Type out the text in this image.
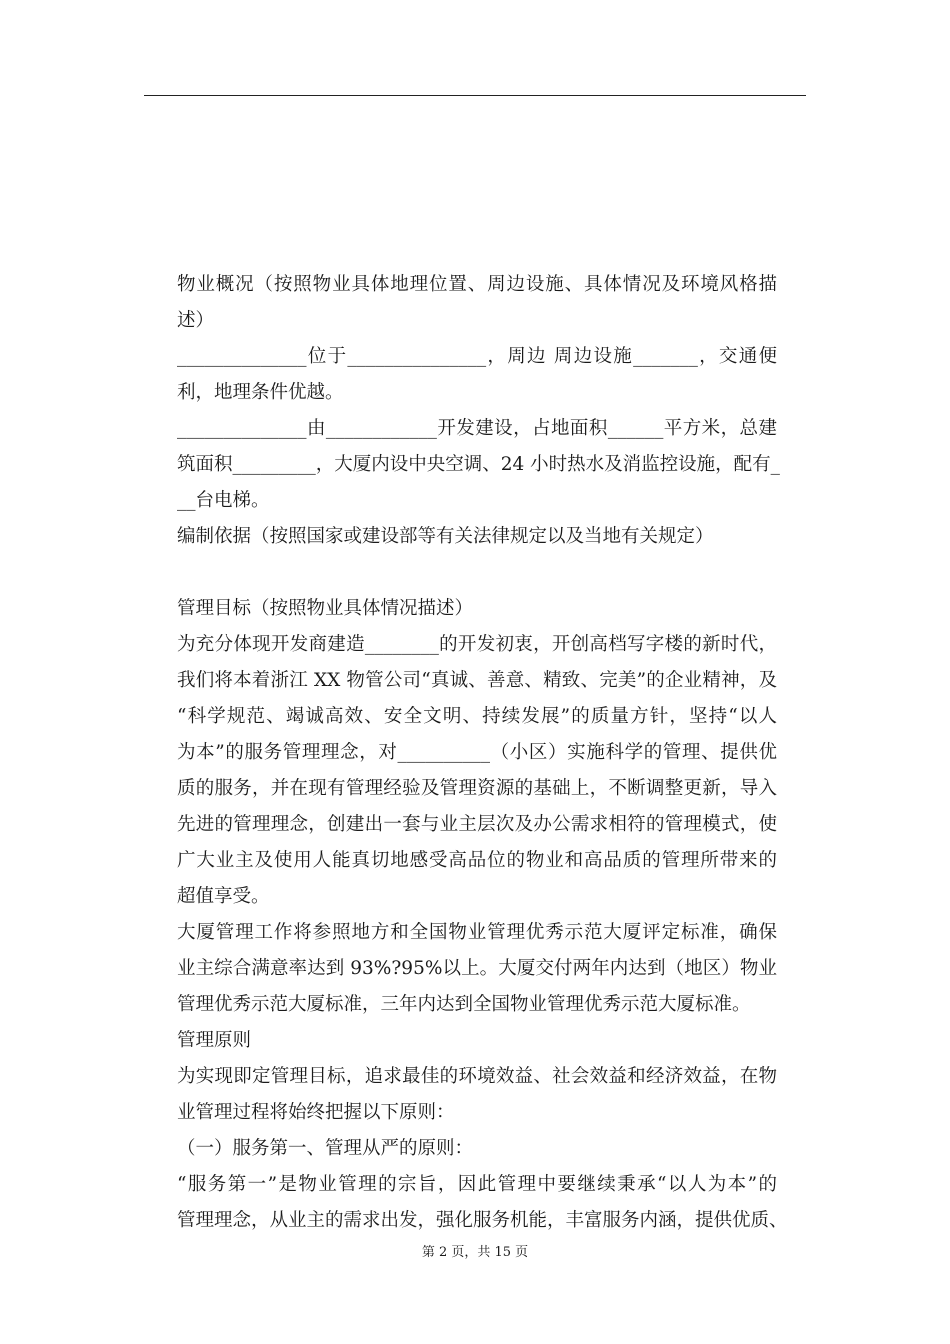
物业概况（按照物业具体地理位置、周边设施、具体情况及环境风格描
述）
______________位于_______________，周边 周边设施_______，交通便
利，地理条件优越。
______________由____________开发建设，占地面积______平方米，总建
筑面积_________，大厦内设中央空调、24 小时热水及消监控设施，配有_
__台电梯。
编制依据（按照国家或建设部等有关法律规定以及当地有关规定）
管理目标（按照物业具体情况描述）
为充分体现开发商建造________的开发初衷，开创高档写字楼的新时代，
我们将本着浙江 XX 物管公司“真诚、善意、精致、完美”的企业精神，及
“科学规范、竭诚高效、安全文明、持续发展”的质量方针，坚持“以人
为本”的服务管理理念，对__________（小区）实施科学的管理、提供优
质的服务，并在现有管理经验及管理资源的基础上，不断调整更新，导入
先进的管理理念，创建出一套与业主层次及办公需求相符的管理模式，使
广大业主及使用人能真切地感受高品位的物业和高品质的管理所带来的
超值享受。
大厦管理工作将参照地方和全国物业管理优秀示范大厦评定标准，确保
业主综合满意率达到 93%?95%以上。大厦交付两年内达到（地区）物业
管理优秀示范大厦标准，三年内达到全国物业管理优秀示范大厦标准。
管理原则
为实现即定管理目标，追求最佳的环境效益、社会效益和经济效益，在物
业管理过程将始终把握以下原则：
（一）服务第一、管理从严的原则：
“服务第一”是物业管理的宗旨，因此管理中要继续秉承“以人为本”的
管理理念，从业主的需求出发，强化服务机能，丰富服务内涵，提供优质、
第 2 页，共 15 页
